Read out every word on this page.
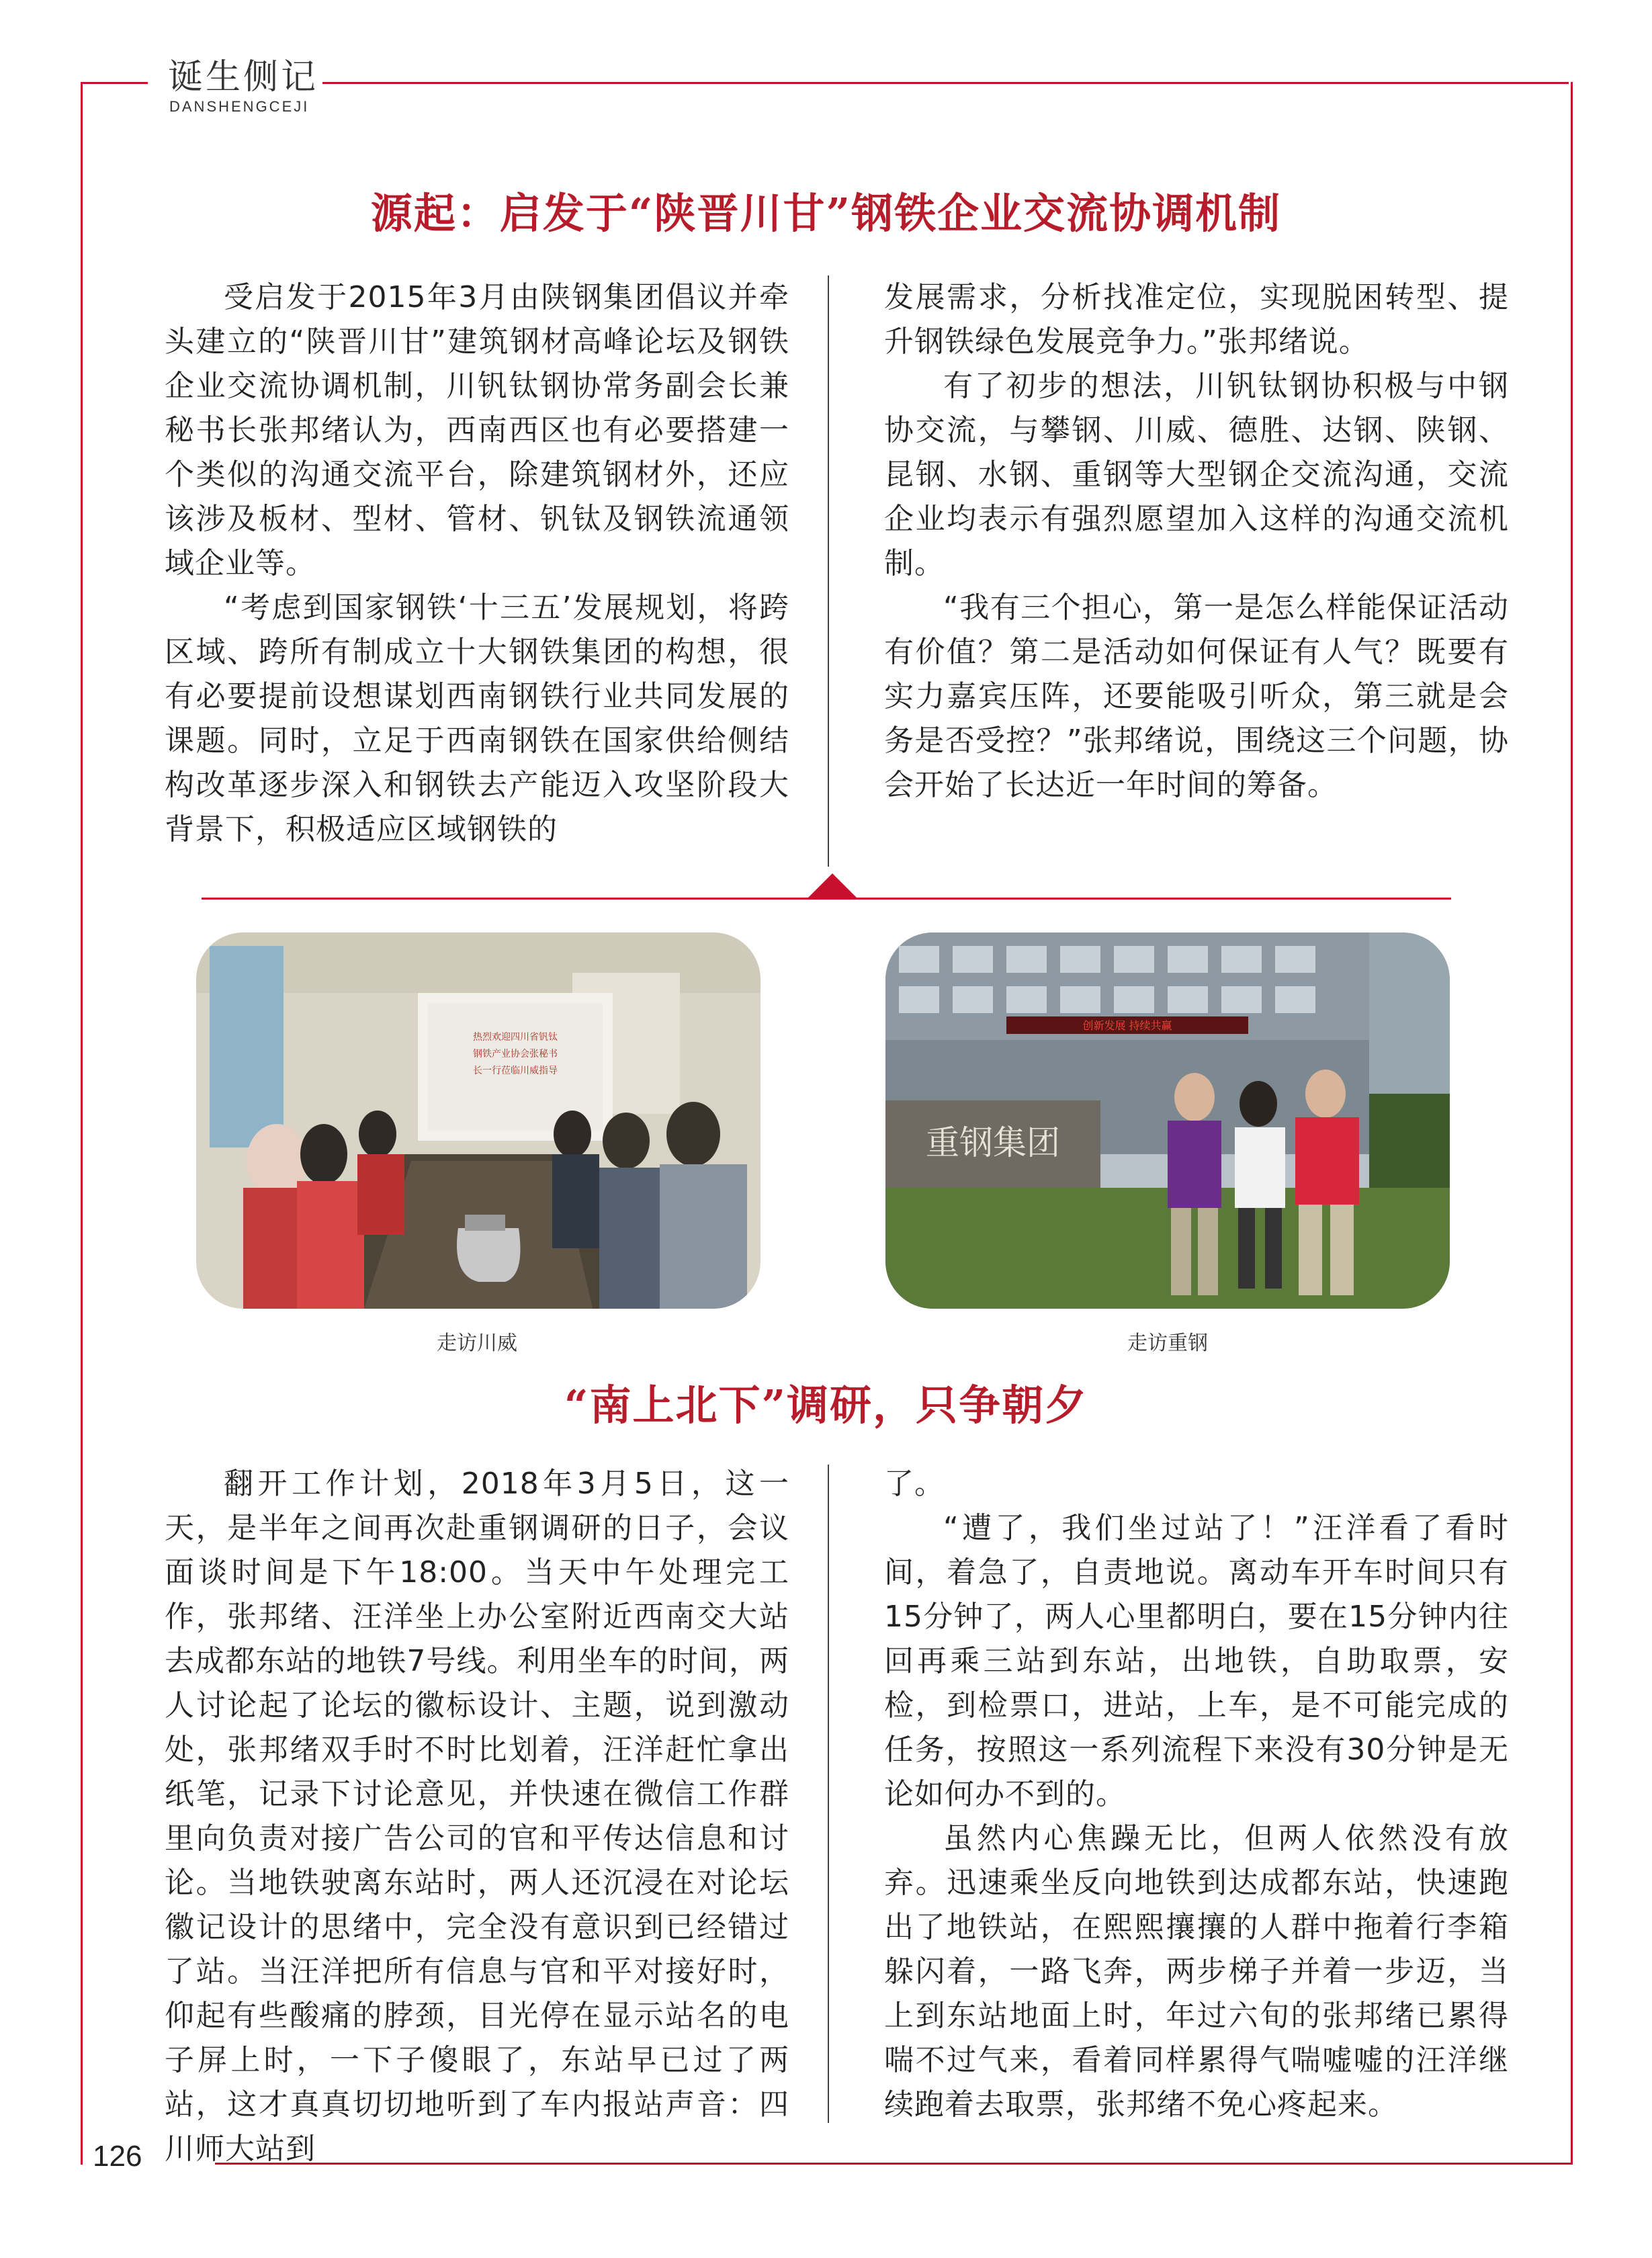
诞生侧记
DANSHENGCEJI
源起：启发于“陕晋川甘”钢铁企业交流协调机制

受启发于2015年3月由陕钢集团倡议并牵头建立的“陕晋川甘”建筑钢材高峰论坛及钢铁企业交流协调机制，川钒钛钢协常务副会长兼秘书长张邦绪认为，西南西区也有必要搭建一个类似的沟通交流平台，除建筑钢材外，还应该涉及板材、型材、管材、钒钛及钢铁流通领域企业等。

“考虑到国家钢铁‘十三五’发展规划，将跨区域、跨所有制成立十大钢铁集团的构想，很有必要提前设想谋划西南钢铁行业共同发展的课题。同时，立足于西南钢铁在国家供给侧结构改革逐步深入和钢铁去产能迈入攻坚阶段大背景下，积极适应区域钢铁的

发展需求，分析找准定位，实现脱困转型、提升钢铁绿色发展竞争力。”张邦绪说。

有了初步的想法，川钒钛钢协积极与中钢协交流，与攀钢、川威、德胜、达钢、陕钢、昆钢、水钢、重钢等大型钢企交流沟通，交流企业均表示有强烈愿望加入这样的沟通交流机制。

“我有三个担心，第一是怎么样能保证活动有价值？第二是活动如何保证有人气？既要有实力嘉宾压阵，还要能吸引听众，第三就是会务是否受控？”张邦绪说，围绕这三个问题，协会开始了长达近一年时间的筹备。

热烈欢迎四川省钒钛
钢铁产业协会张秘书
长一行莅临川威指导
创新发展 持续共赢
重钢集团
走访川威	走访重钢
“南上北下”调研，只争朝夕

翻开工作计划，2018年3月5日，这一天，是半年之间再次赴重钢调研的日子，会议面谈时间是下午18:00。当天中午处理完工作，张邦绪、汪洋坐上办公室附近西南交大站去成都东站的地铁7号线。利用坐车的时间，两人讨论起了论坛的徽标设计、主题，说到激动处，张邦绪双手时不时比划着，汪洋赶忙拿出纸笔，记录下讨论意见，并快速在微信工作群里向负责对接广告公司的官和平传达信息和讨论。当地铁驶离东站时，两人还沉浸在对论坛徽记设计的思绪中，完全没有意识到已经错过了站。当汪洋把所有信息与官和平对接好时，仰起有些酸痛的脖颈，目光停在显示站名的电子屏上时，一下子傻眼了，东站早已过了两站，这才真真切切地听到了车内报站声音：四川师大站到

了。

“遭了，我们坐过站了！”汪洋看了看时间，着急了，自责地说。离动车开车时间只有15分钟了，两人心里都明白，要在15分钟内往回再乘三站到东站，出地铁，自助取票，安检，到检票口，进站，上车，是不可能完成的任务，按照这一系列流程下来没有30分钟是无论如何办不到的。

虽然内心焦躁无比，但两人依然没有放弃。迅速乘坐反向地铁到达成都东站，快速跑出了地铁站，在熙熙攘攘的人群中拖着行李箱躲闪着，一路飞奔，两步梯子并着一步迈，当上到东站地面上时，年过六旬的张邦绪已累得喘不过气来，看着同样累得气喘嘘嘘的汪洋继续跑着去取票，张邦绪不免心疼起来。

126
